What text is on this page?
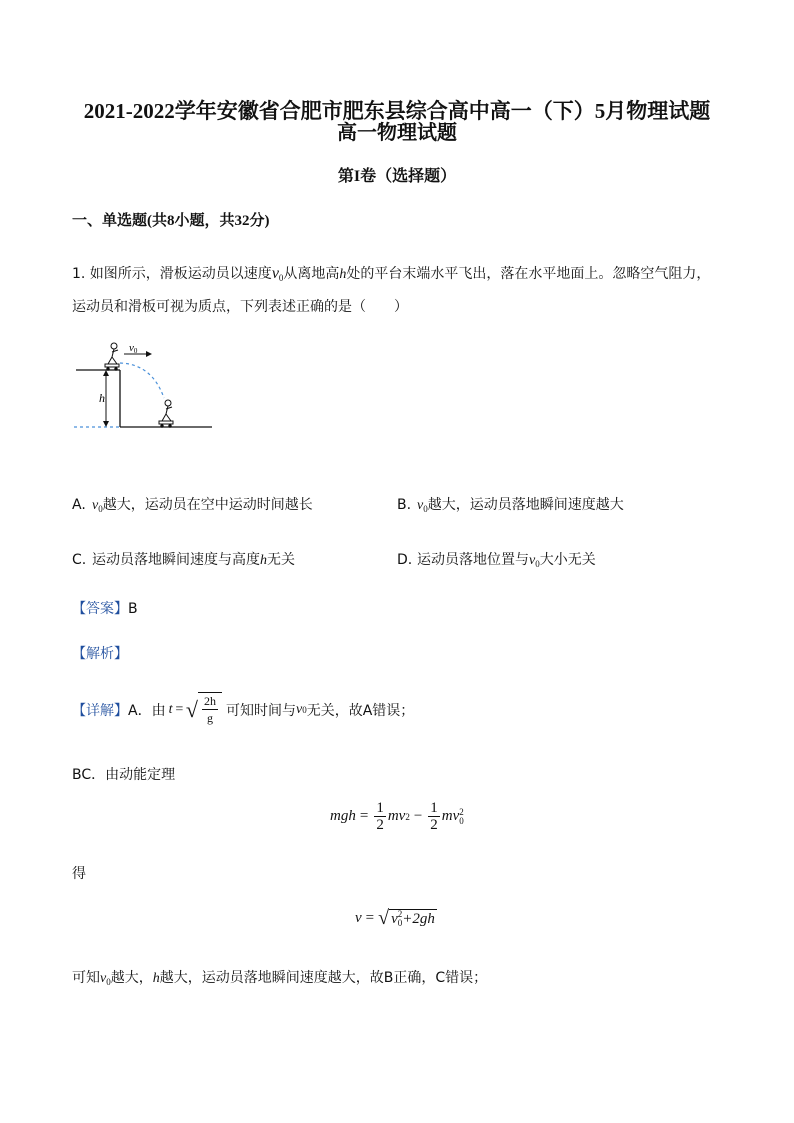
2021-2022学年安徽省合肥市肥东县综合高中高一（下）5月物理试题
高一物理试题
第I卷（选择题）
一、单选题(共8小题，共32分)
1. 如图所示，滑板运动员以速度$v_0$从离地高h处的平台末端水平飞出，落在水平地面上。忽略空气阻力，
运动员和滑板可视为质点，下列表述正确的是（　　）
h
v0
A. $v_0$越大，运动员在空中运动时间越长	B. $v_0$越大，运动员落地瞬间速度越大
C. 运动员落地瞬间速度与高度h无关	D. 运动员落地位置与$v_0$大小无关
【答案】B
【解析】
【详解】 A．由 t = √ $\frac{2h}{g}$ 可知时间与 v 0 无关，故A错误；
BC．由动能定理
mgh = $\frac{1}{2}$ mv $2 - \frac{1}{2}$ mv 2
0
得
v = √ v 2
0 +2gh
可知$v_0$越大，h越大，运动员落地瞬间速度越大，故B正确，C错误；
